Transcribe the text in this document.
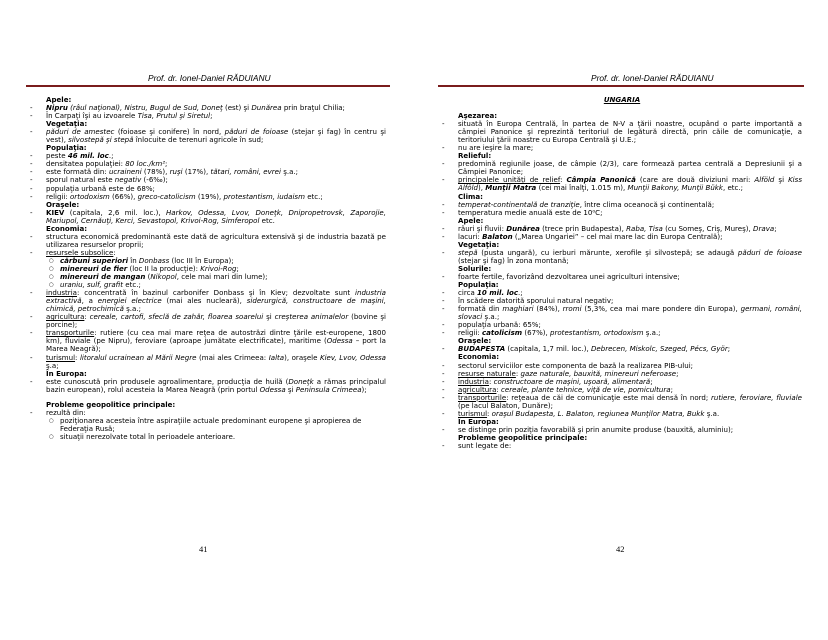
Prof. dr. Ionel-Daniel RĂDUIANU

Apele:

- Nipru (râul naţional), Nistru, Bugul de Sud, Doneţ (est) şi Dunărea prin braţul Chilia;

- În Carpaţi îşi au izvoarele Tisa, Prutul şi Siretul;

Vegetaţia:

- păduri de amestec (foioase şi conifere) în nord, păduri de foioase (stejar şi fag) în centru şi vest), silvostepă şi stepă înlocuite de terenuri agricole în sud;

Populaţia:

- peste 46 mil. loc.;

- densitatea populaţiei: 80 loc./km²;

- este formată din: ucraineni (78%), ruşi (17%), tătari, români, evrei ş.a.;

- sporul natural este negativ (-6‰);

- populaţia urbană este de 68%;

- religii: ortodoxism (66%), greco-catolicism (19%), protestantism, iudaism etc.;

Oraşele:

- KIEV (capitala, 2,6 mil. loc.), Harkov, Odessa, Lvov, Doneţk, Dnipropetrovsk, Zaporojie, Mariupol, Cernăuţi, Kerci, Sevastopol, Krivoi-Rog, Simferopol etc.

Economia:

- structura economică predominantă este dată de agricultura extensivă şi de industria bazată pe utilizarea resurselor proprii;

- resursele subsolice:

○ cărbuni superiori în Donbass (loc III în Europa);

○ minereuri de fier (loc II la producţie): Krivoi-Rog;

○ minereuri de mangan (Nikopol, cele mai mari din lume);

○ uraniu, sulf, grafit etc.;

- industria: concentrată în bazinul carbonifer Donbass şi în Kiev; dezvoltate sunt industria extractivă, a energiei electrice (mai ales nucleară), siderurgică, constructoare de maşini, chimică, petrochimică ş.a.;

- agricultura: cereale, cartofi, sfeclă de zahăr, floarea soarelui şi creşterea animalelor (bovine şi porcine);

- transporturile: rutiere (cu cea mai mare reţea de autostrăzi dintre ţările est-europene, 1800 km), fluviale (pe Nipru), feroviare (aproape jumătate electrificate), maritime (Odessa – port la Marea Neagră);

- turismul: litoralul ucrainean al Mării Negre (mai ales Crimeea: Ialta), oraşele Kiev, Lvov, Odessa ş.a;

În Europa:

- este cunoscută prin produsele agroalimentare, producţia de huilă (Doneţk a rămas principalul bazin european), rolul acesteia la Marea Neagră (prin portul Odessa şi Peninsula Crimeea);

Probleme geopolitice principale:

- rezultă din:

○ poziţionarea acesteia între aspiraţiile actuale predominant europene şi apropierea de Federaţia Rusă;

○ situaţii nerezolvate total în perioadele anterioare.

41
Prof. dr. Ionel-Daniel RĂDUIANU

UNGARIA

Aşezarea:

- situată în Europa Centrală, în partea de N-V a ţării noastre, ocupând o parte importantă a câmpiei Panonice şi reprezintă teritoriul de legătură directă, prin căile de comunicaţie, a teritoriului ţării noastre cu Europa Centrală şi U.E.;

- nu are ieşire la mare;

Relieful:

- predomină regiunile joase, de câmpie (2/3), care formează partea centrală a Depresiunii şi a Câmpiei Panonice;

- principalele unităţi de relief: Câmpia Panonică (care are două diviziuni mari: Alföld şi Kiss Alföld), Munţii Matra (cei mai înalţi, 1.015 m), Munţii Bakony, Munţii Bükk, etc.;

Clima:

- temperat-continentală de tranziţie, între clima oceanocă şi continentală;

- temperatura medie anuală este de 10⁰C;

Apele:

- râuri şi fluvii: Dunărea (trece prin Budapesta), Raba, Tisa (cu Someş, Criş, Mureş), Drava;

- lacuri: Balaton („Marea Ungariei” – cel mai mare lac din Europa Centrală);

Vegetaţia:

- stepă (pusta ungară), cu ierburi mărunte, xerofile şi silvostepă; se adaugă păduri de foioase (stejar şi fag) în zona montană;

Solurile:

- foarte fertile, favorizând dezvoltarea unei agriculturi intensive;

Populaţia:

- circa 10 mil. loc.;

- în scădere datorită sporului natural negativ;

- formată din maghiari (84%), rromi (5,3%, cea mai mare pondere din Europa), germani, români, slovaci ş.a.;

- populaţia urbană: 65%;

- religii: catolicism (67%), protestantism, ortodoxism ş.a.;

Oraşele:

- BUDAPESTA (capitala, 1,7 mil. loc.), Debrecen, Miskolc, Szeged, Pécs, Györ;

Economia:

- sectorul serviciilor este componenta de bază la realizarea PIB-ului;

- resurse naturale: gaze naturale, bauxită, minereuri neferoase;

- industria: constructoare de maşini, uşoară, alimentară;

- agricultura: cereale, plante tehnice, viţă de vie, pomicultura;

- transporturile: reţeaua de căi de comunicaţie este mai densă în nord; rutiere, feroviare, fluviale (pe lacul Balaton, Dunăre);

- turismul: oraşul Budapesta, L. Balaton, regiunea Munţilor Matra, Bukk ş.a.

În Europa:

- se distinge prin poziţia favorabilă şi prin anumite produse (bauxită, aluminiu);

Probleme geopolitice principale:

- sunt legate de:

42
